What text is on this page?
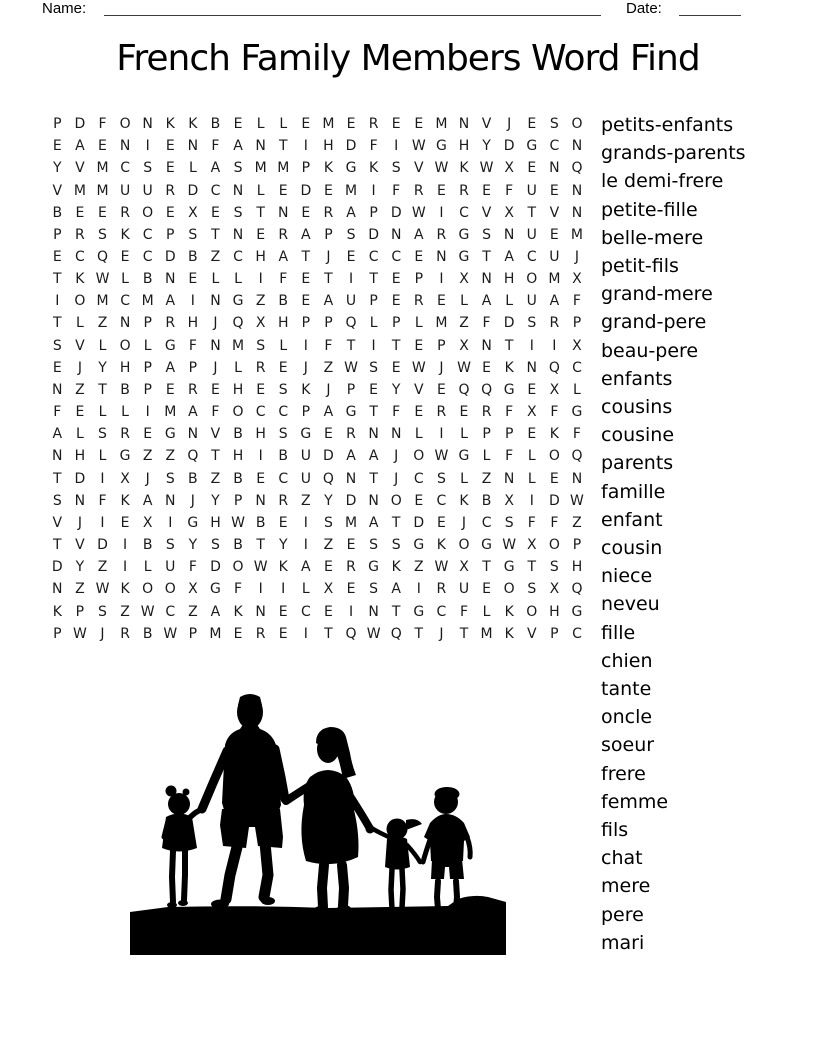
Name:	Date:
French Family Members Word Find
P D F O N K K B E	L	L	E M E R E E M N V	J	E S O
E A E N	I	E N F A N T	I	H D F	I W G H Y D G C N
Y V M C S E	L A S M M P K G K S V W K W X E N Q
V M M U U R D C N L	E D E M	I	F R E R E	F U E N
B E E R O E X E S T N E R A P D W I	C V X T V N
P R S K C P S T N E R A P S D N A R G S N U E M
E C Q E C D B Z C H A T	J	E C C E N G T A C U	J
T K W L B N E	L	L	I	F	E T	I	T E P	I	X N H O M X
I	O M C M A	I	N G Z B E A U P E R E	L A L U A F
T	L Z N P R H	J	Q X H P	P Q L	P	L M Z F D S R P
S V L O L G F N M S	L	I	F	T	I	T E P X N T	I	I	X
E	J	Y H P A P	J	L R E	J	Z W S E W J W E K N Q C
N Z T B P E R E H E S K	J	P E Y V E Q Q G E X L
F	E	L	L	I	M A F O C C P A G T	F	E R E R F X F G
A L	S R E G N V B H S G E R N N L	I	L	P	P E K F
N H L G Z Z Q T H	I	B U D A A	J	O W G L	F	L O Q
T D	I	X	J	S B Z B E C U Q N T	J	C S	L Z N L	E N
S N F K A N	J	Y	P N R Z Y D N O E C K B X	I	D W
V	J	I	E X	I	G H W B E	I	S M A T D E	J	C S	F	F Z
T V D	I	B S Y S B T	Y	I	Z E S S G K O G W X O P
D Y Z	I	L U F D O W K A E R G K Z W X T G T S H
N Z W K O O X G F	I	I	L X E S A	I	R U E O S X Q
K P S Z W C Z A K N E C E	I	N T G C F	L	K O H G
P W J	R B W P M E R E	I	T Q W Q T	J	T M K V P C
petits-enfants
grands-parents
le demi-frere
petite-fille
belle-mere
petit-fils
grand-mere
grand-pere
beau-pere
enfants
cousins
cousine
parents
famille
enfant
cousin
niece
neveu
fille
chien
tante
oncle
soeur
frere
femme
fils
chat
mere
pere
mari
